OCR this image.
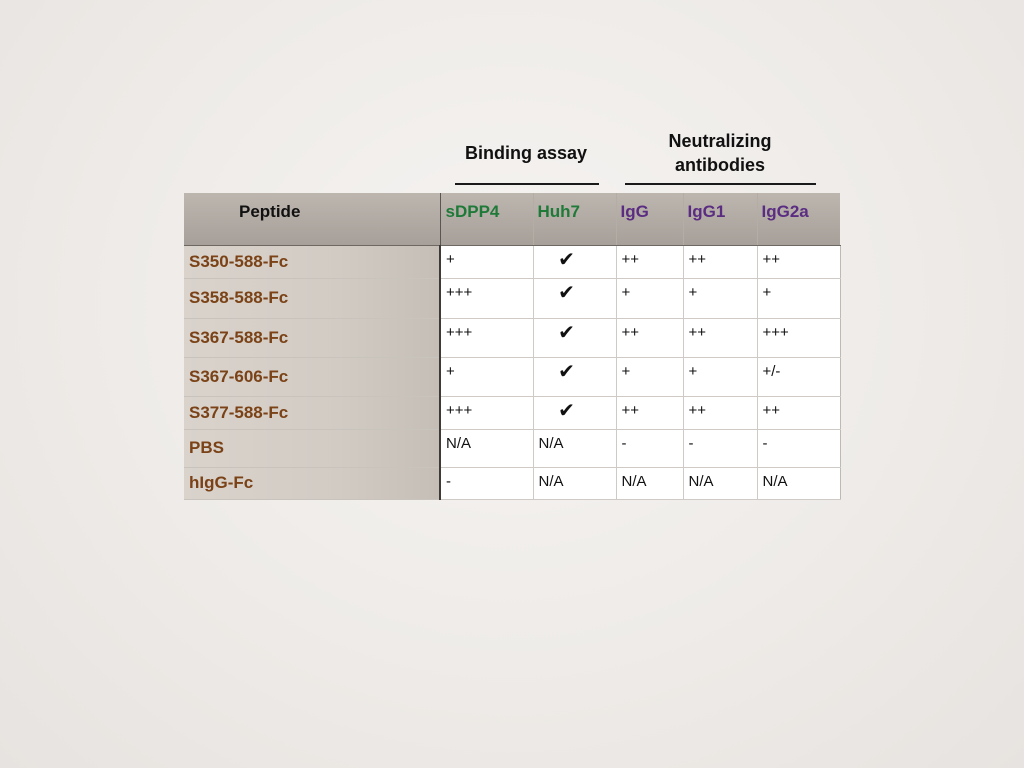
Binding assay
Neutralizing
antibodies
Peptide	sDPP4	Huh7	IgG	IgG1	IgG2a
S350-588-Fc	+	✔	++	++	++
S358-588-Fc	+++	✔	+	+	+
S367-588-Fc	+++	✔	++	++	+++
S367-606-Fc	+	✔	+	+	+/-
S377-588-Fc	+++	✔	++	++	++
PBS	N/A	N/A	-	-	-
hIgG-Fc	-	N/A	N/A	N/A	N/A
